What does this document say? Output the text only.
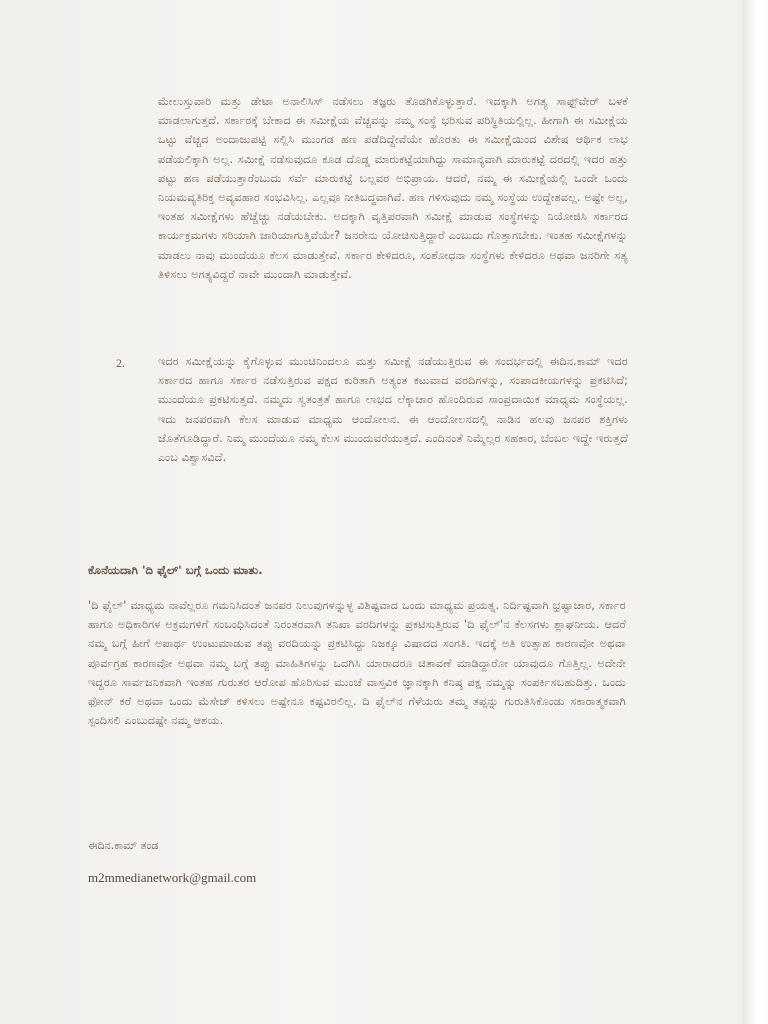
ಮೇಲುಸ್ತುವಾರಿ ಮತ್ತು ಡೇಟಾ ಅನಾಲಿಸಿಸ್ ನಡೆಸಲು ತಜ್ಞರು ತೊಡಗಿಕೊಳ್ಳುತ್ತಾರೆ. ಇದಕ್ಕಾಗಿ ಅಗತ್ಯ ಸಾಫ್ಟ್‌ವೇರ್ ಬಳಕೆ ಮಾಡಲಾಗುತ್ತದೆ. ಸರ್ಕಾರಕ್ಕೆ ಬೇಕಾದ ಈ ಸಮೀಕ್ಷೆಯ ವೆಚ್ಚವನ್ನು ನಮ್ಮ ಸಂಸ್ಥೆ ಭರಿಸುವ ಪರಿಸ್ಥಿತಿಯಲ್ಲಿಲ್ಲ. ಹೀಗಾಗಿ ಈ ಸಮೀಕ್ಷೆಯ ಒಟ್ಟು ವೆಚ್ಚದ ಅಂದಾಜುಪಟ್ಟಿ ಸಲ್ಲಿಸಿ ಮುಂಗಡ ಹಣ ಪಡೆದಿದ್ದೇವೆಯೇ ಹೊರತು ಈ ಸಮೀಕ್ಷೆಯಿಂದ ವಿಶೇಷ ಆರ್ಥಿಕ ಲಾಭ ಪಡೆಯಲಿಕ್ಕಾಗಿ ಅಲ್ಲ. ಸಮೀಕ್ಷೆ ನಡೆಸುವುದೂ ಕೂಡ ದೊಡ್ಡ ಮಾರುಕಟ್ಟೆಯಾಗಿದ್ದು ಸಾಮಾನ್ಯವಾಗಿ ಮಾರುಕಟ್ಟೆ ದರದಲ್ಲಿ ಇದರ ಹತ್ತು ಪಟ್ಟು ಹಣ ಪಡೆಯುತ್ತಾರೆಂಬುದು ಸರ್ವೆ ಮಾರುಕಟ್ಟೆ ಬಲ್ಲವರ ಅಭಿಪ್ರಾಯ. ಆದರೆ, ನಮ್ಮ ಈ ಸಮೀಕ್ಷೆಯಲ್ಲಿ ಒಂದೇ ಒಂದು ನಿಯಮವ್ಯತಿರಿಕ್ತ ಅವ್ಯವಹಾರ ಸಂಭವಿಸಿಲ್ಲ. ಎಲ್ಲವೂ ನೀತಿಬದ್ಧವಾಗಿವೆ. ಹಣ ಗಳಿಸುವುದು ನಮ್ಮ ಸಂಸ್ಥೆಯ ಉದ್ದೇಶವಲ್ಲ. ಅಷ್ಟೇ ಅಲ್ಲ, ಇಂತಹ ಸಮೀಕ್ಷೆಗಳು ಹೆಚ್ಚೆಚ್ಚು ನಡೆಯಬೇಕು. ಅದಕ್ಕಾಗಿ ವೃತ್ತಿಪರವಾಗಿ ಸಮೀಕ್ಷೆ ಮಾಡುವ ಸಂಸ್ಥೆಗಳನ್ನು ನಿಯೋಜಿಸಿ ಸರ್ಕಾರದ ಕಾರ್ಯಕ್ರಮಗಳು ಸರಿಯಾಗಿ ಜಾರಿಯಾಗುತ್ತಿವೆಯೇ? ಜನರೇನು ಯೋಚಿಸುತ್ತಿದ್ದಾರೆ ಎಂಬುದು ಗೊತ್ತಾಗಬೇಕು. ಇಂತಹ ಸಮೀಕ್ಷೆಗಳನ್ನು ಮಾಡಲು ನಾವು ಮುಂದೆಯೂ ಕೆಲಸ ಮಾಡುತ್ತೇವೆ. ಸರ್ಕಾರ ಕೇಳಿದರೂ, ಸಂಶೋಧನಾ ಸಂಸ್ಥೆಗಳು ಕೇಳಿದರೂ ಅಥವಾ ಜನರಿಗೇ ಸತ್ಯ ತಿಳಿಸಲು ಅಗತ್ಯವಿದ್ದರೆ ನಾವೇ ಮುಂದಾಗಿ ಮಾಡುತ್ತೇವೆ.

2.	ಇದರ ಸಮೀಕ್ಷೆಯನ್ನು ಕೈಗೊಳ್ಳುವ ಮುಂಚಿನಿಂದಲೂ ಮತ್ತು ಸಮೀಕ್ಷೆ ನಡೆಯುತ್ತಿರುವ ಈ ಸಂದರ್ಭದಲ್ಲಿ ಈದಿನ.ಕಾಮ್ ಇದರ ಸರ್ಕಾರದ ಹಾಗೂ ಸರ್ಕಾರ ನಡೆಸುತ್ತಿರುವ ಪಕ್ಷದ ಕುರಿತಾಗಿ ಅತ್ಯಂತ ಕಟುವಾದ ವರದಿಗಳನ್ನು, ಸಂಪಾದಕೀಯಗಳನ್ನು ಪ್ರಕಟಿಸಿದೆ; ಮುಂದೆಯೂ ಪ್ರಕಟಿಸುತ್ತದೆ. ನಮ್ಮದು ಸ್ವತಂತ್ರತೆ ಹಾಗೂ ಲಾಭದ ಲೆಕ್ಕಾಚಾರ ಹೊಂದಿರುವ ಸಾಂಪ್ರದಾಯಿಕ ಮಾಧ್ಯಮ ಸಂಸ್ಥೆಯಲ್ಲ. ಇದು ಜನಪರವಾಗಿ ಕೆಲಸ ಮಾಡುವ ಮಾಧ್ಯಮ ಆಂದೋಲನ. ಈ ಆಂದೋಲನದಲ್ಲಿ ನಾಡಿನ ಹಲವು ಜನಪರ ಶಕ್ತಿಗಳು ಜೊತೆಗೂಡಿದ್ದಾರೆ. ನಿಮ್ಮ ಮುಂದೆಯೂ ನಮ್ಮ ಕೆಲಸ ಮುಂದುವರೆಯುತ್ತದೆ. ಎಂದಿನಂತೆ ನಿಮ್ಮೆಲ್ಲರ ಸಹಕಾರ, ಬೆಂಬಲ ಇದ್ದೇ ಇರುತ್ತದೆ ಎಂಬ ವಿಶ್ವಾಸವಿದೆ.

ಕೊನೆಯದಾಗಿ 'ದಿ ಫೈಲ್' ಬಗ್ಗೆ ಒಂದು ಮಾತು.

'ದಿ ಫೈಲ್' ಮಾಧ್ಯಮ ನಾವೆಲ್ಲರೂ ಗಮನಿಸಿದಂತೆ ಜನಪರ ನಿಲುವುಗಳನ್ನುಳ್ಳ ವಿಶಿಷ್ಟವಾದ ಒಂದು ಮಾಧ್ಯಮ ಪ್ರಯತ್ನ. ನಿರ್ದಿಷ್ಟವಾಗಿ ಭ್ರಷ್ಟಾಚಾರ, ಸರ್ಕಾರ ಹಾಗೂ ಅಧಿಕಾರಿಗಳ ಅಕ್ರಮಗಳಿಗೆ ಸಂಬಂಧಿಸಿದಂತೆ ನಿರಂತರವಾಗಿ ತನಿಖಾ ವರದಿಗಳನ್ನು ಪ್ರಕಟಿಸುತ್ತಿರುವ 'ದಿ ಫೈಲ್'ನ ಕೆಲಸಗಳು ಶ್ಲಾಘನೀಯ. ಆದರೆ ನಮ್ಮ ಬಗ್ಗೆ ಹೀಗೆ ಅಪಾರ್ಥ ಉಂಟುಮಾಡುವ ತಪ್ಪು ವರದಿಯನ್ನು ಪ್ರಕಟಿಸಿದ್ದು ನಿಜಕ್ಕೂ ವಿಷಾದದ ಸಂಗತಿ. ಇದಕ್ಕೆ ಅತಿ ಉತ್ಸಾಹ ಕಾರಣವೋ ಅಥವಾ ಪೂರ್ವಗ್ರಹ ಕಾರಣವೋ ಅಥವಾ ನಮ್ಮ ಬಗ್ಗೆ ತಪ್ಪು ಮಾಹಿತಿಗಳನ್ನು ಒದಗಿಸಿ ಯಾರಾದರೂ ಚಿತಾವಣೆ ಮಾಡಿದ್ದಾರೋ ಯಾವುದೂ ಗೊತ್ತಿಲ್ಲ. ಅದೇನೇ ಇದ್ದರೂ ಸಾರ್ವಜನಿಕವಾಗಿ ಇಂತಹ ಗುರುತರ ಆರೋಪ ಹೊರಿಸುವ ಮುಂಚೆ ವಾಸ್ತವಿಕ ಜ್ಞಾನಕ್ಕಾಗಿ ಕನಿಷ್ಠ ಪಕ್ಷ ನಮ್ಮನ್ನು ಸಂಪರ್ಕಿಸಬಹುದಿತ್ತು. ಒಂದು ಫೋನ್ ಕರೆ ಅಥವಾ ಒಂದು ಮೆಸೇಜ್ ಕಳಿಸಲು ಅಷ್ಟೇನೂ ಕಷ್ಟವಿರಲಿಲ್ಲ. ದಿ ಫೈಲ್‌ನ ಗೆಳೆಯರು ತಮ್ಮ ತಪ್ಪನ್ನು ಗುರುತಿಸಿಕೊಂಡು ಸಕಾರಾತ್ಮಕವಾಗಿ ಸ್ಪಂದಿಸಲಿ ಎಂಬುದಷ್ಟೇ ನಮ್ಮ ಆಶಯ.

ಈದಿನ.ಕಾಮ್ ತಂಡ
m2mmedianetwork@gmail.com
